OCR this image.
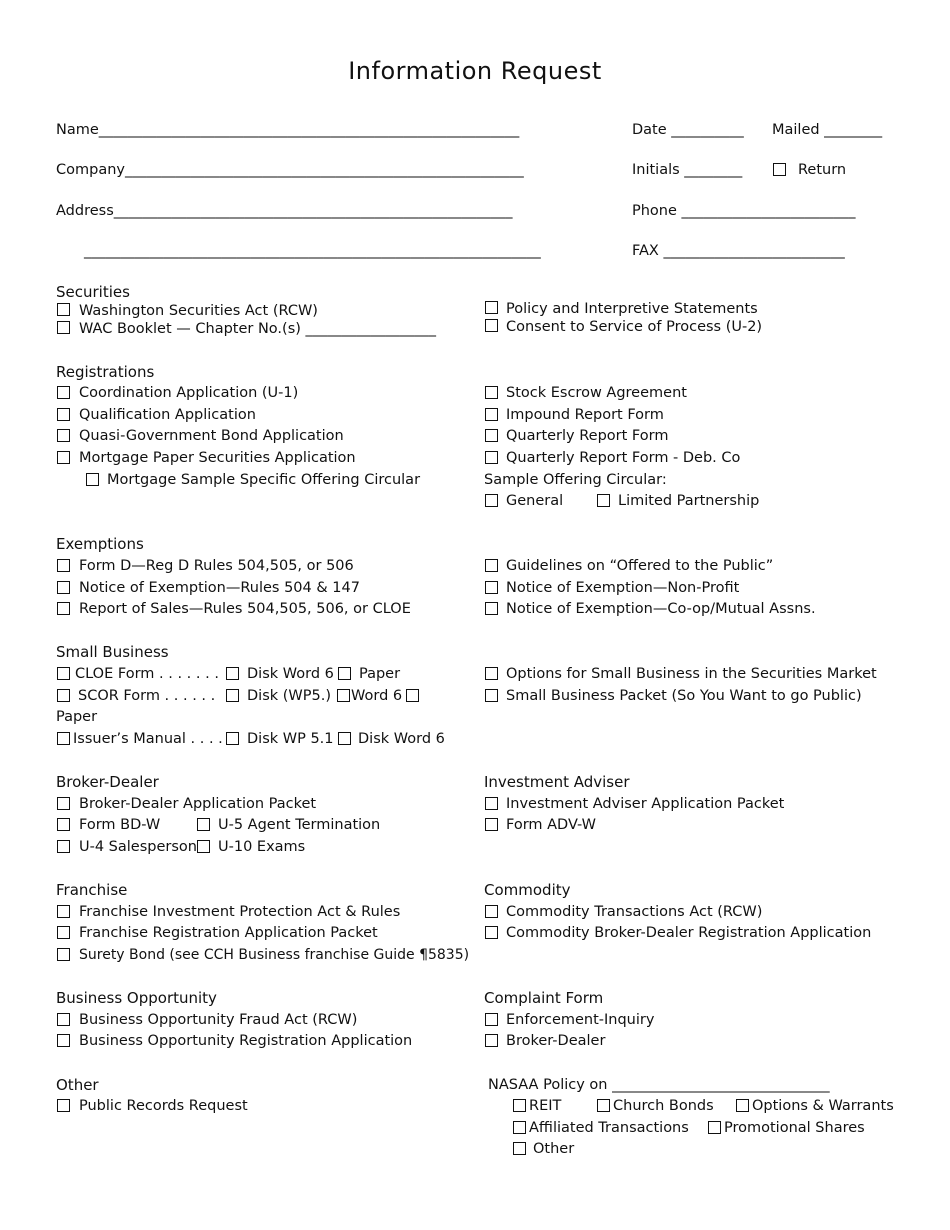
Information Request
Name__________________________________________________________
Company_______________________________________________________
Address_______________________________________________________
_______________________________________________________________
Date __________ Mailed ________
Initials ________	Return
Phone ________________________
FAX _________________________
Securities
Washington Securities Act (RCW)
WAC Booklet — Chapter No.(s) __________________
Policy and Interpretive Statements
Consent to Service of Process (U-2)
Registrations
Coordination Application (U-1)
Qualification Application
Quasi-Government Bond Application
Mortgage Paper Securities Application
Mortgage Sample Specific Offering Circular
Stock Escrow Agreement
Impound Report Form
Quarterly Report Form
Quarterly Report Form - Deb. Co
Sample Offering Circular:
General	Limited Partnership
Exemptions
Form D—Reg D Rules 504,505, or 506
Notice of Exemption—Rules 504 & 147
Report of Sales—Rules 504,505, 506, or CLOE
Guidelines on “Offered to the Public”
Notice of Exemption—Non-Profit
Notice of Exemption—Co-op/Mutual Assns.
Small Business
CLOE Form . . . . . . . Disk Word 6 Paper
SCOR Form . . . . . . Disk (WP5.) Word 6
Paper
Issuer’s Manual . . . . Disk WP 5.1 Disk Word 6
Options for Small Business in the Securities Market
Small Business Packet (So You Want to go Public)
Broker-Dealer
Broker-Dealer Application Packet
Form BD-W	U-5 Agent Termination
U-4 Salesperson U-10 Exams
Investment Adviser
Investment Adviser Application Packet
Form ADV-W
Franchise
Franchise Investment Protection Act & Rules
Franchise Registration Application Packet
Surety Bond (see CCH Business franchise Guide ¶5835)
Commodity
Commodity Transactions Act (RCW)
Commodity Broker-Dealer Registration Application
Business Opportunity
Business Opportunity Fraud Act (RCW)
Business Opportunity Registration Application
Complaint Form
Enforcement-Inquiry
Broker-Dealer
Other
Public Records Request
NASAA Policy on ______________________________
REIT	Church Bonds	Options & Warrants
Affiliated Transactions Promotional Shares
Other
